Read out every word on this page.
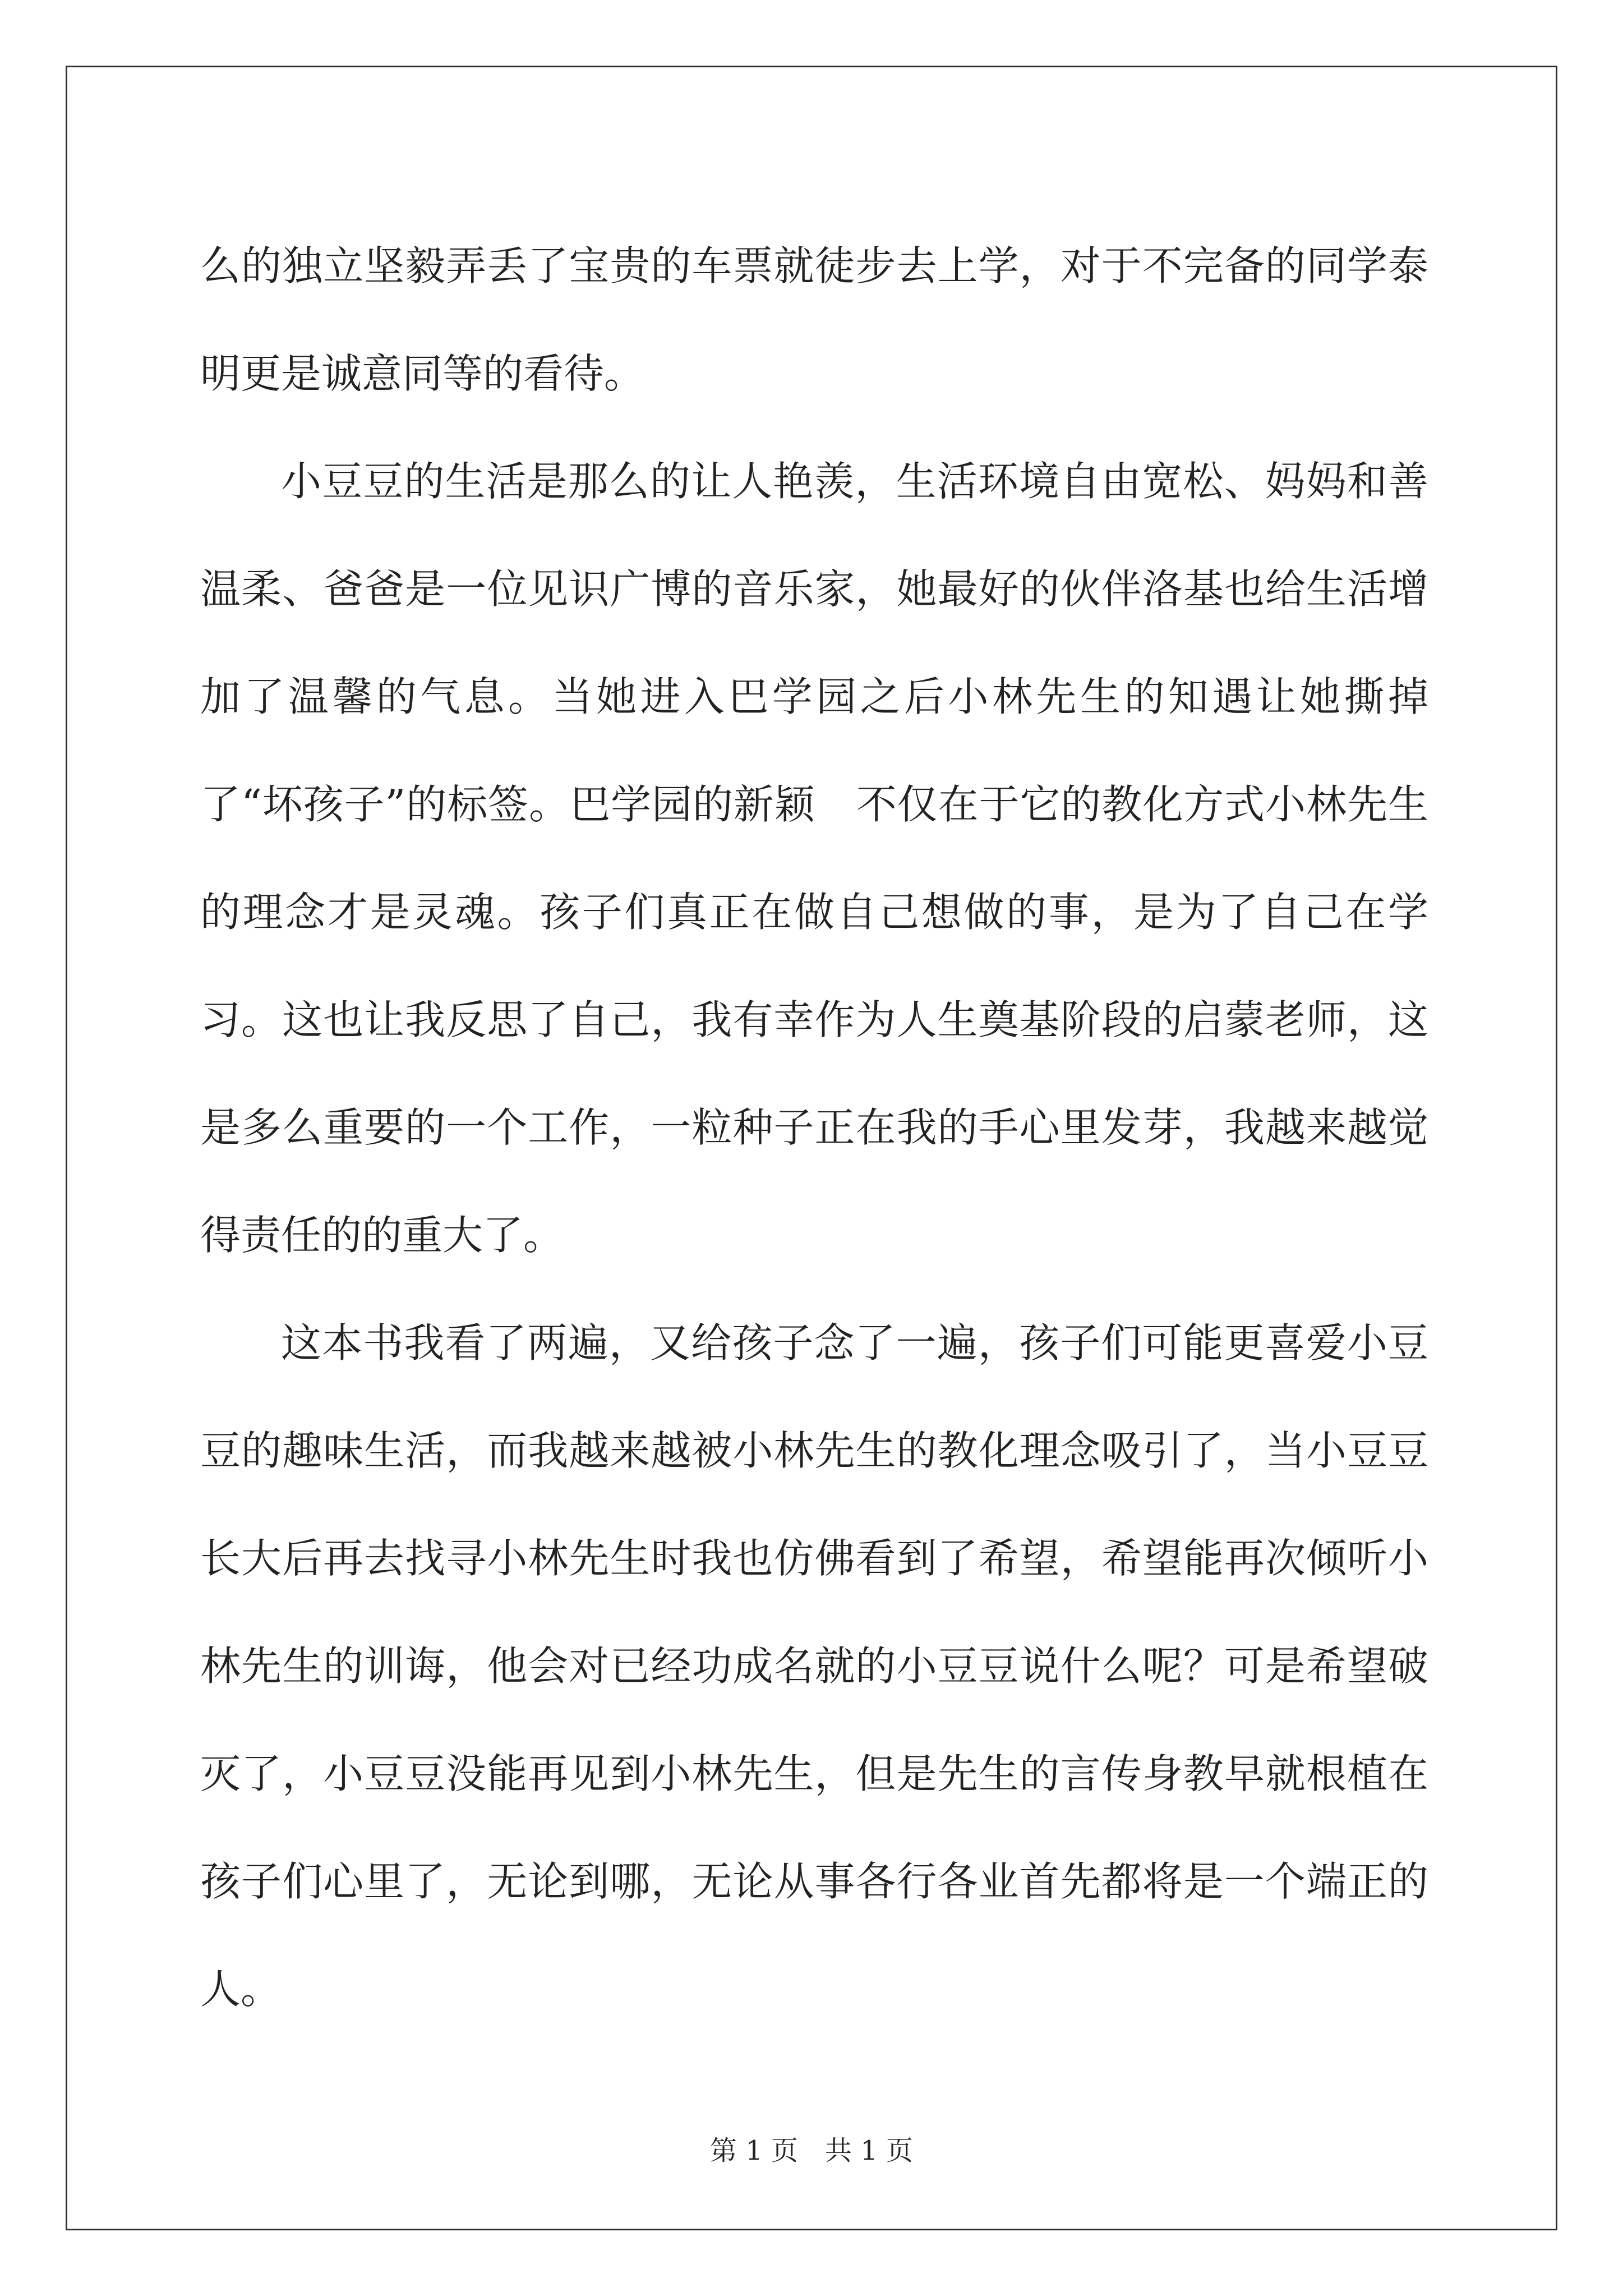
么的独立坚毅弄丢了宝贵的车票就徒步去上学，对于不完备的同学泰明更是诚意同等的看待。

小豆豆的生活是那么的让人艳羡，生活环境自由宽松、妈妈和善温柔、爸爸是一位见识广博的音乐家，她最好的伙伴洛基也给生活增加了温馨的气息。当她进入巴学园之后小林先生的知遇让她撕掉了“坏孩子”的标签。巴学园的新颖　不仅在于它的教化方式小林先生的理念才是灵魂。孩子们真正在做自己想做的事，是为了自己在学习。这也让我反思了自己，我有幸作为人生奠基阶段的启蒙老师，这是多么重要的一个工作，一粒种子正在我的手心里发芽，我越来越觉得责任的的重大了。

这本书我看了两遍，又给孩子念了一遍，孩子们可能更喜爱小豆豆的趣味生活，而我越来越被小林先生的教化理念吸引了，当小豆豆长大后再去找寻小林先生时我也仿佛看到了希望，希望能再次倾听小林先生的训诲，他会对已经功成名就的小豆豆说什么呢？可是希望破灭了，小豆豆没能再见到小林先生，但是先生的言传身教早就根植在孩子们心里了，无论到哪，无论从事各行各业首先都将是一个端正的人。

第 1 页　共 1 页
